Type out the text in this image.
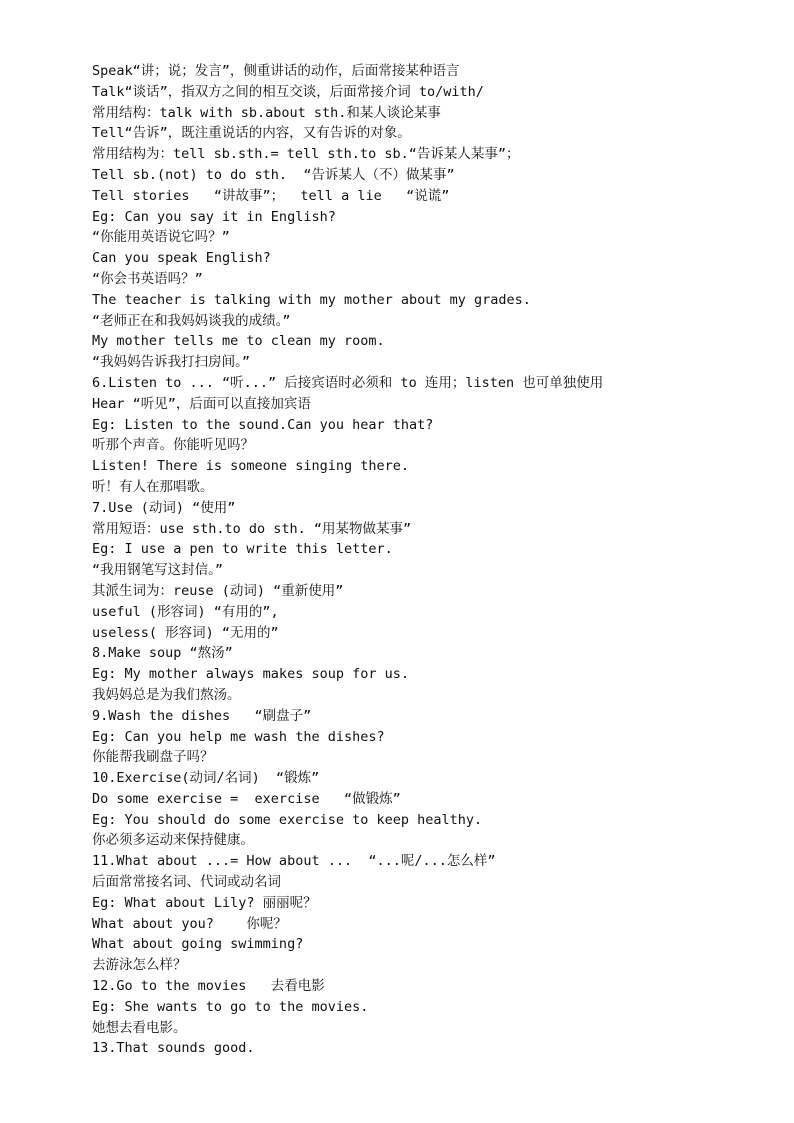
Speak“讲；说；发言”，侧重讲话的动作，后面常接某种语言
Talk“谈话”，指双方之间的相互交谈，后面常接介词 to/with/
常用结构：talk with sb.about sth.和某人谈论某事
Tell“告诉”，既注重说话的内容，又有告诉的对象。
常用结构为：tell sb.sth.= tell sth.to sb.“告诉某人某事”；
Tell sb.(not) to do sth.  “告诉某人（不）做某事”
Tell stories   “讲故事”；  tell a lie   “说谎”
Eg: Can you say it in English?
“你能用英语说它吗？”
Can you speak English?
“你会书英语吗？”
The teacher is talking with my mother about my grades.
“老师正在和我妈妈谈我的成绩。”
My mother tells me to clean my room.
“我妈妈告诉我打扫房间。”
6.Listen to ... “听...” 后接宾语时必须和 to 连用；listen 也可单独使用
Hear “听见”，后面可以直接加宾语
Eg: Listen to the sound.Can you hear that?
听那个声音。你能听见吗？
Listen! There is someone singing there.
听！有人在那唱歌。
7.Use (动词) “使用”
常用短语：use sth.to do sth. “用某物做某事”
Eg: I use a pen to write this letter.
“我用钢笔写这封信。”
其派生词为：reuse (动词) “重新使用”
useful (形容词) “有用的”,
useless( 形容词) “无用的”
8.Make soup “熬汤”
Eg: My mother always makes soup for us.
我妈妈总是为我们熬汤。
9.Wash the dishes   “刷盘子”
Eg: Can you help me wash the dishes?
你能帮我刷盘子吗？
10.Exercise(动词/名词)  “锻炼”
Do some exercise =  exercise   “做锻炼”
Eg: You should do some exercise to keep healthy.
你必须多运动来保持健康。
11.What about ...= How about ...  “...呢/...怎么样”
后面常常接名词、代词或动名词
Eg: What about Lily? 丽丽呢？
What about you?    你呢？
What about going swimming?
去游泳怎么样？
12.Go to the movies   去看电影
Eg: She wants to go to the movies.
她想去看电影。
13.That sounds good.
